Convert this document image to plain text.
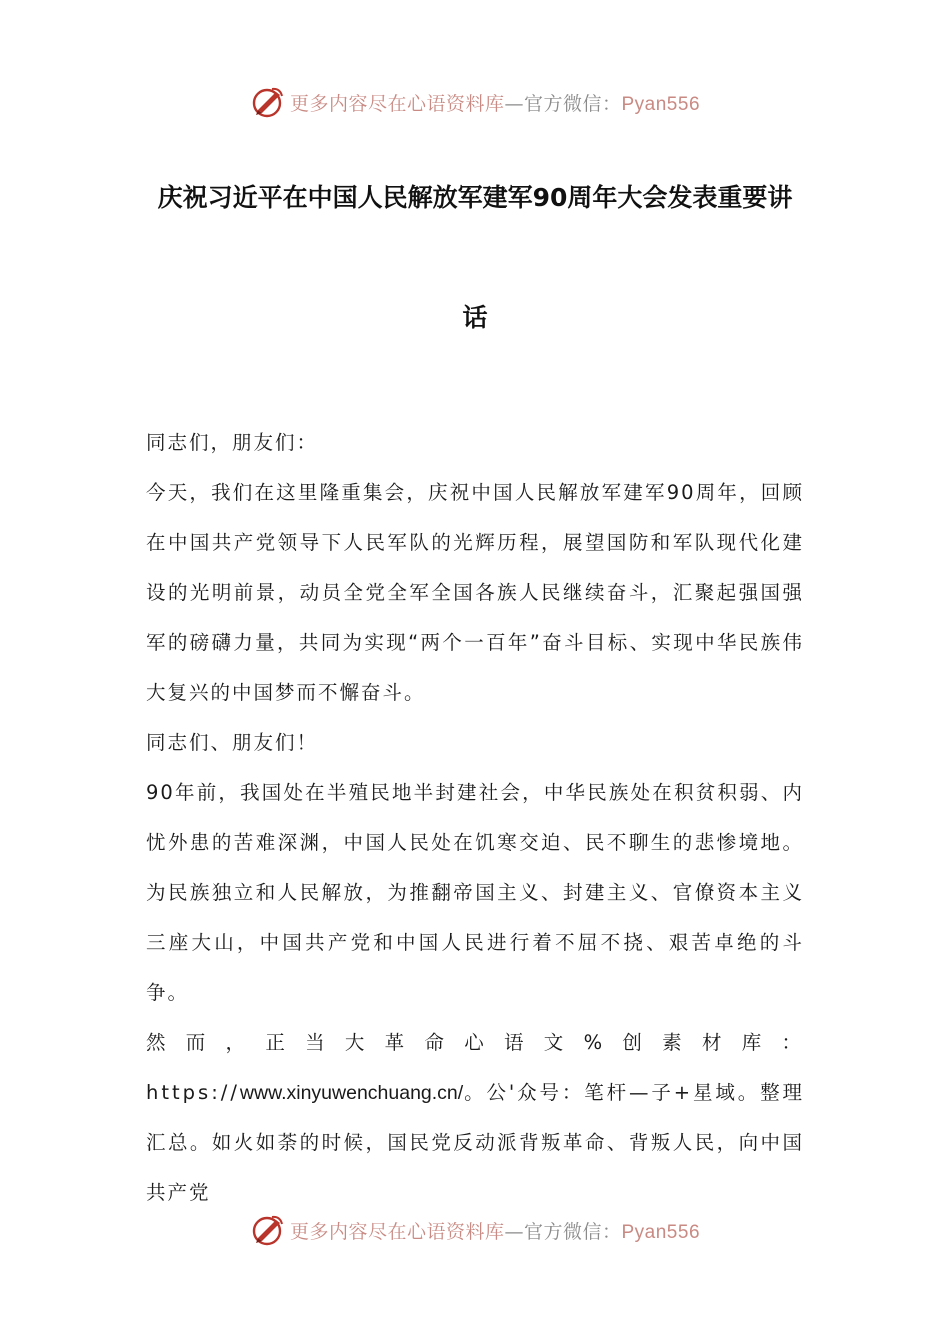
更多内容尽在心语资料库—官方微信：Pyan556
庆祝习近平在中国人民解放军建军90周年大会发表重要讲
话

同志们，朋友们：

今天，我们在这里隆重集会，庆祝中国人民解放军建军90周年，回顾在中国共产党领导下人民军队的光辉历程，展望国防和军队现代化建设的光明前景，动员全党全军全国各族人民继续奋斗，汇聚起强国强军的磅礴力量，共同为实现“两个一百年”奋斗目标、实现中华民族伟大复兴的中国梦而不懈奋斗。

同志们、朋友们！

90年前，我国处在半殖民地半封建社会，中华民族处在积贫积弱、内忧外患的苦难深渊，中国人民处在饥寒交迫、民不聊生的悲惨境地。为民族独立和人民解放，为推翻帝国主义、封建主义、官僚资本主义三座大山，中国共产党和中国人民进行着不屈不挠、艰苦卓绝的斗争。

然而，正当大革命心语文%创素材库：https://www.xinyuwenchuang.cn/。公'众号：笔杆—子+星域。整理汇总。如火如荼的时候，国民党反动派背叛革命、背叛人民，向中国共产党

更多内容尽在心语资料库—官方微信：Pyan556
